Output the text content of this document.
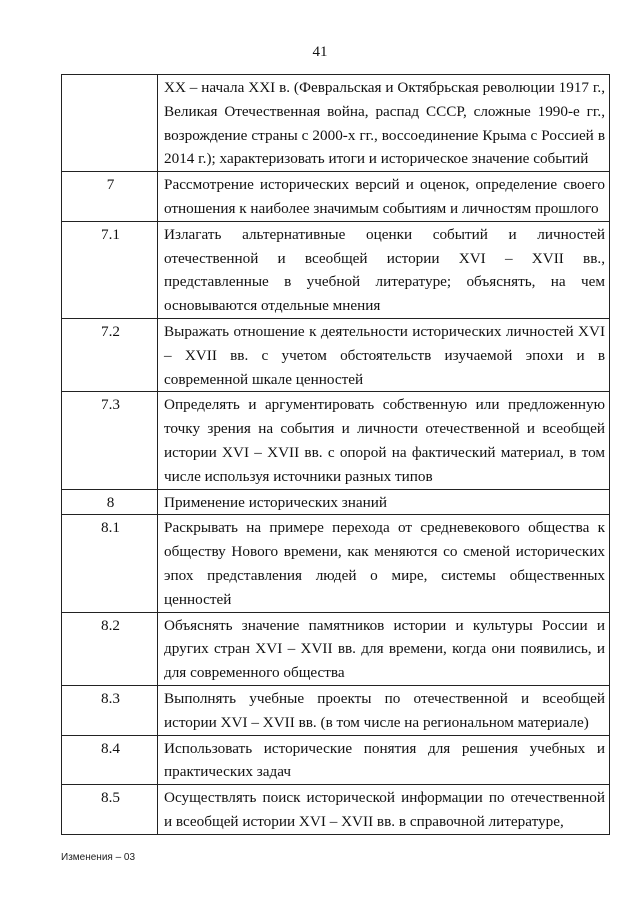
41
	XX – начала XXI в. (Февральская и Октябрьская революции 1917 г., Великая Отечественная война, распад СССР, сложные 1990-е гг., возрождение страны с 2000-х гг., воссоединение Крыма с Россией в 2014 г.); характеризовать итоги и историческое значение событий
7	Рассмотрение исторических версий и оценок, определение своего отношения к наиболее значимым событиям и личностям прошлого
7.1	Излагать альтернативные оценки событий и личностей отечественной и всеобщей истории XVI – XVII вв., представленные в учебной литературе; объяснять, на чем основываются отдельные мнения
7.2	Выражать отношение к деятельности исторических личностей XVI – XVII вв. с учетом обстоятельств изучаемой эпохи и в современной шкале ценностей
7.3	Определять и аргументировать собственную или предложенную точку зрения на события и личности отечественной и всеобщей истории XVI – XVII вв. с опорой на фактический материал, в том числе используя источники разных типов
8	Применение исторических знаний
8.1	Раскрывать на примере перехода от средневекового общества к обществу Нового времени, как меняются со сменой исторических эпох представления людей о мире, системы общественных ценностей
8.2	Объяснять значение памятников истории и культуры России и других стран XVI – XVII вв. для времени, когда они появились, и для современного общества
8.3	Выполнять учебные проекты по отечественной и всеобщей истории XVI – XVII вв. (в том числе на региональном материале)
8.4	Использовать исторические понятия для решения учебных и практических задач
8.5	Осуществлять поиск исторической информации по отечественной и всеобщей истории XVI – XVII вв. в справочной литературе,
Изменения – 03
